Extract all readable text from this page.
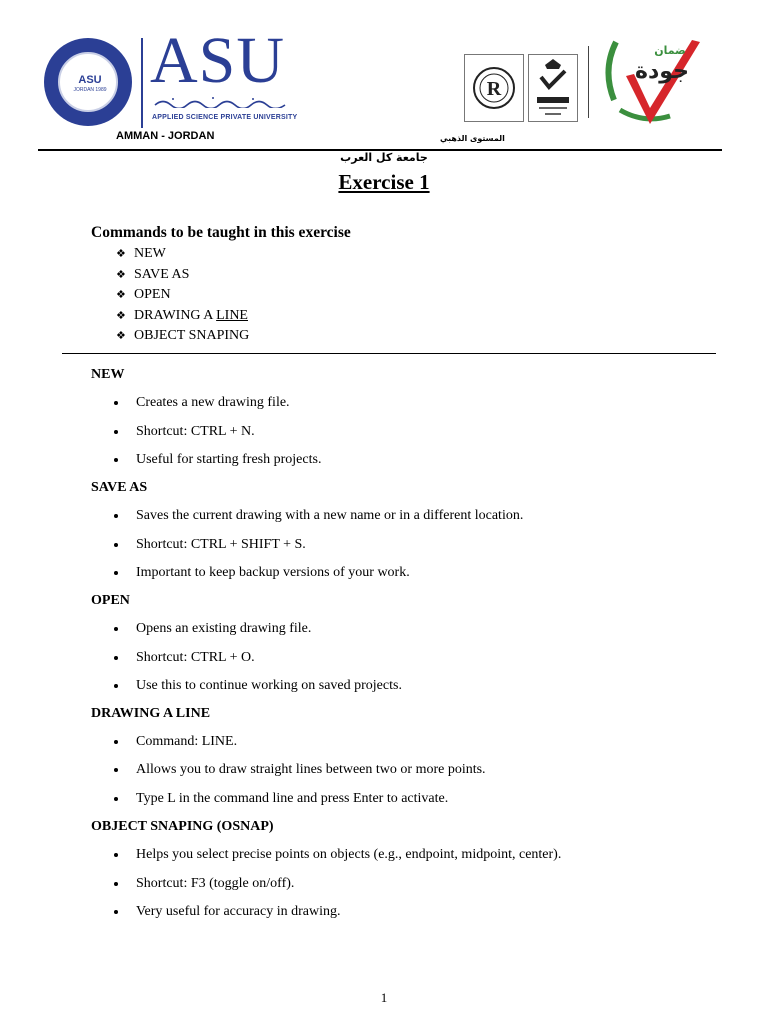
ASU
JORDAN 1989 ASU
APPLIED SCIENCE PRIVATE UNIVERSITY
AMMAN - JORDAN
R
ضمان
جودة
المستوى الذهبي
جامعة كل العرب
Exercise 1
Commands to be taught in this exercise
❖ NEW
❖ SAVE AS
❖ OPEN
❖ DRAWING A LINE
❖ OBJECT SNAPING
NEW
Creates a new drawing file.
Shortcut: CTRL + N.
Useful for starting fresh projects.
SAVE AS
Saves the current drawing with a new name or in a different location.
Shortcut: CTRL + SHIFT + S.
Important to keep backup versions of your work.
OPEN
Opens an existing drawing file.
Shortcut: CTRL + O.
Use this to continue working on saved projects.
DRAWING A LINE
Command: LINE.
Allows you to draw straight lines between two or more points.
Type L in the command line and press Enter to activate.
OBJECT SNAPING (OSNAP)
Helps you select precise points on objects (e.g., endpoint, midpoint, center).
Shortcut: F3 (toggle on/off).
Very useful for accuracy in drawing.
1
